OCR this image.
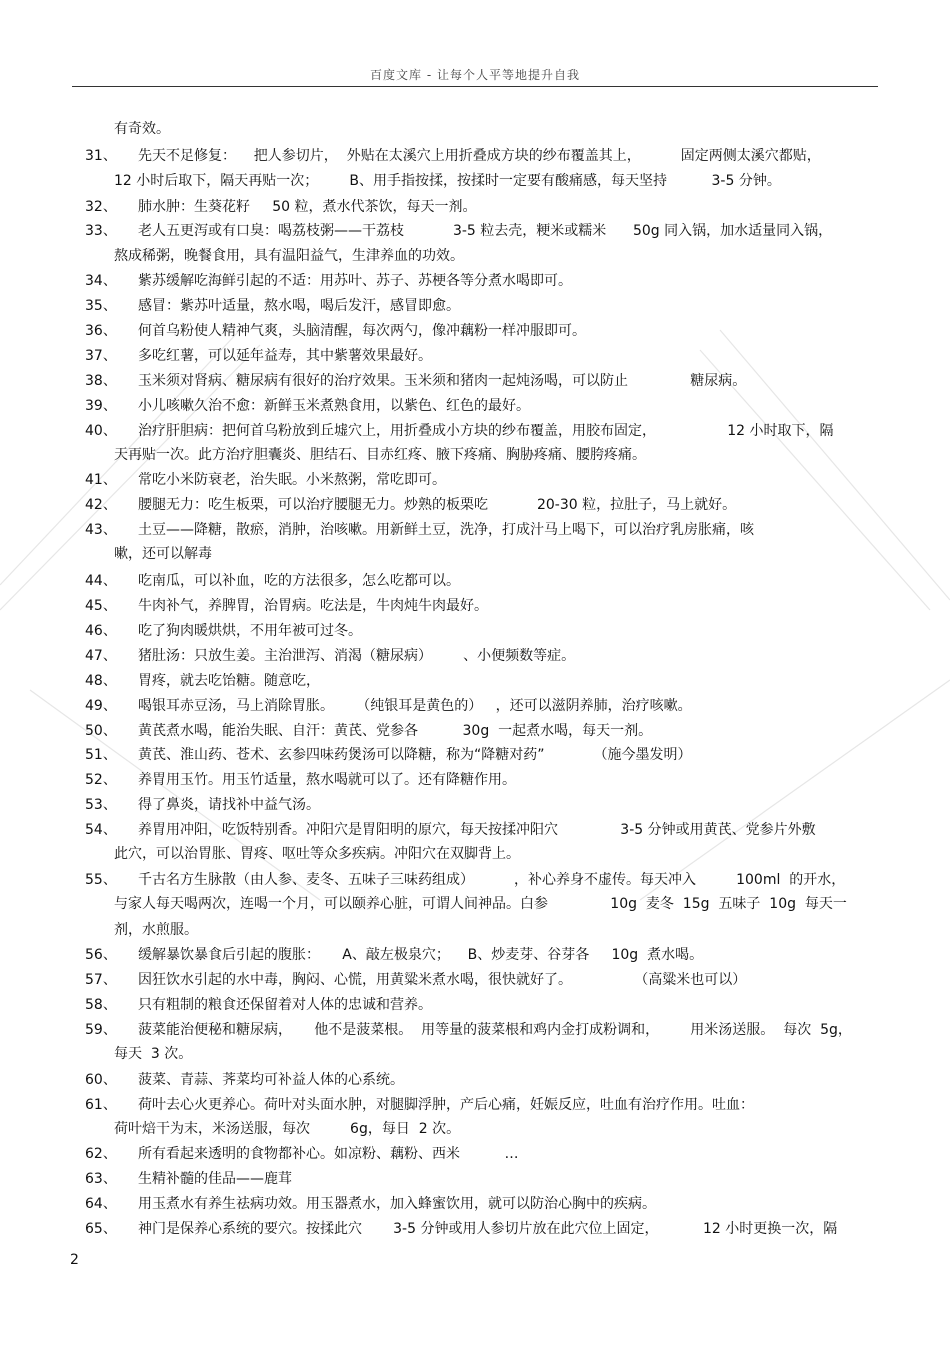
百度文库 - 让每个人平等地提升自我
有奇效。
31、 先天不足修复：    把人参切片，  外贴在太溪穴上用折叠成方块的纱布覆盖其上，         固定两侧太溪穴都贴，
12 小时后取下，隔天再贴一次；       B、用手指按揉，按揉时一定要有酸痛感，每天坚持          3-5 分钟。
32、 肺水肿：生葵花籽     50 粒，煮水代茶饮，每天一剂。
33、 老人五更泻或有口臭：喝荔枝粥——干荔枝           3-5 粒去壳，粳米或糯米      50g 同入锅，加水适量同入锅，
熬成稀粥，晚餐食用，具有温阳益气，生津养血的功效。
34、 紫苏缓解吃海鲜引起的不适：用苏叶、苏子、苏梗各等分煮水喝即可。
35、 感冒：紫苏叶适量，熬水喝，喝后发汗，感冒即愈。
36、 何首乌粉使人精神气爽，头脑清醒，每次两勺，像冲藕粉一样冲服即可。
37、 多吃红薯，可以延年益寿，其中紫薯效果最好。
38、 玉米须对肾病、糖尿病有很好的治疗效果。玉米须和猪肉一起炖汤喝，可以防止              糖尿病。
39、 小儿咳嗽久治不愈：新鲜玉米煮熟食用，以紫色、红色的最好。
40、 治疗肝胆病：把何首乌粉放到丘墟穴上，用折叠成小方块的纱布覆盖，用胶布固定，                12 小时取下，隔
天再贴一次。此方治疗胆囊炎、胆结石、目赤红疼、腋下疼痛、胸胁疼痛、腰胯疼痛。
41、 常吃小米防衰老，治失眠。小米熬粥，常吃即可。
42、 腰腿无力：吃生板栗，可以治疗腰腿无力。炒熟的板栗吃           20-30 粒，拉肚子，马上就好。
43、 土豆——降糖，散瘀，消肿，治咳嗽。用新鲜土豆，洗净，打成汁马上喝下，可以治疗乳房胀痛，咳
嗽，还可以解毒
44、 吃南瓜，可以补血，吃的方法很多，怎么吃都可以。
45、 牛肉补气，养脾胃，治胃病。吃法是，牛肉炖牛肉最好。
46、 吃了狗肉暖烘烘，不用年被可过冬。
47、 猪肚汤：只放生姜。主治泄泻、消渴（糖尿病）       、小便频数等症。
48、 胃疼，就去吃饴糖。随意吃，
49、 喝银耳赤豆汤，马上消除胃胀。     （纯银耳是黄色的）   ，还可以滋阴养肺，治疗咳嗽。
50、 黄芪煮水喝，能治失眠、自汗：黄芪、党参各          30g  一起煮水喝，每天一剂。
51、 黄芪、淮山药、苍术、玄参四味药煲汤可以降糖，称为“降糖对药”           （施今墨发明）
52、 养胃用玉竹。用玉竹适量，熬水喝就可以了。还有降糖作用。
53、 得了鼻炎，请找补中益气汤。
54、 养胃用冲阳，吃饭特别香。冲阳穴是胃阳明的原穴，每天按揉冲阳穴              3-5 分钟或用黄芪、党参片外敷
此穴，可以治胃胀、胃疼、呕吐等众多疾病。冲阳穴在双脚背上。
55、 千古名方生脉散（由人参、麦冬、五味子三味药组成）         ，补心养身不虚传。每天冲入         100ml  的开水，
与家人每天喝两次，连喝一个月，可以颐养心脏，可谓人间神品。白参              10g  麦冬  15g  五味子  10g  每天一
剂，水煎服。
56、 缓解暴饮暴食后引起的腹胀：     A、敲左极泉穴；    B、炒麦芽、谷芽各     10g  煮水喝。
57、 因狂饮水引起的水中毒，胸闷、心慌，用黄粱米煮水喝，很快就好了。              （高粱米也可以）
58、 只有粗制的粮食还保留着对人体的忠诚和营养。
59、 菠菜能治便秘和糖尿病，     他不是菠菜根。  用等量的菠菜根和鸡内金打成粉调和，       用米汤送服。  每次  5g，
每天  3 次。
60、 菠菜、青蒜、荠菜均可补益人体的心系统。
61、 荷叶去心火更养心。荷叶对头面水肿，对腿脚浮肿，产后心痛，妊娠反应，吐血有治疗作用。吐血：
荷叶焙干为末，米汤送服，每次         6g，每日  2 次。
62、 所有看起来透明的食物都补心。如凉粉、藕粉、西米          …
63、 生精补髓的佳品——鹿茸
64、 用玉煮水有养生祛病功效。用玉器煮水，加入蜂蜜饮用，就可以防治心胸中的疾病。
65、 神门是保养心系统的要穴。按揉此穴       3-5 分钟或用人参切片放在此穴位上固定，          12 小时更换一次，隔
2
